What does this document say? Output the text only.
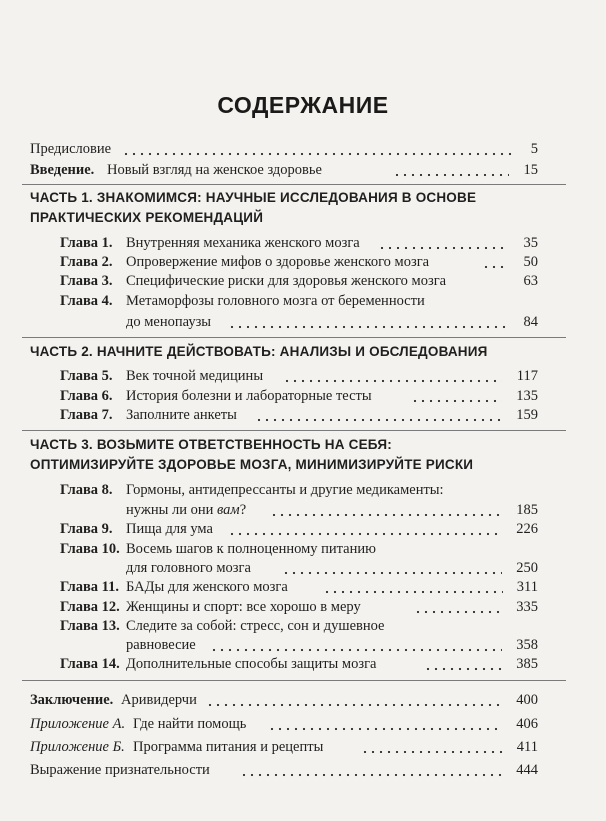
СОДЕРЖАНИЕ
Предисловие	5
Введение. Новый взгляд на женское здоровье	15
ЧАСТЬ 1. ЗНАКОМИМСЯ: НАУЧНЫЕ ИССЛЕДОВАНИЯ В ОСНОВЕ
ПРАКТИЧЕСКИХ РЕКОМЕНДАЦИЙ
Глава 1. Внутренняя механика женского мозга	35
Глава 2. Опровержение мифов о здоровье женского мозга	50
Глава 3. Специфические риски для здоровья женского мозга	63
Глава 4. Метаморфозы головного мозга от беременности
до менопаузы	84
ЧАСТЬ 2. НАЧНИТЕ ДЕЙСТВОВАТЬ: АНАЛИЗЫ И ОБСЛЕДОВАНИЯ
Глава 5. Век точной медицины	117
Глава 6. История болезни и лабораторные тесты	135
Глава 7. Заполните анкеты	159
ЧАСТЬ 3. ВОЗЬМИТЕ ОТВЕТСТВЕННОСТЬ НА СЕБЯ:
ОПТИМИЗИРУЙТЕ ЗДОРОВЬЕ МОЗГА, МИНИМИЗИРУЙТЕ РИСКИ
Глава 8. Гормоны, антидепрессанты и другие медикаменты:
нужны ли они вам?	185
Глава 9. Пища для ума	226
Глава 10. Восемь шагов к полноценному питанию
для головного мозга	250
Глава 11. БАДы для женского мозга	311
Глава 12. Женщины и спорт: все хорошо в меру	335
Глава 13. Следите за собой: стресс, сон и душевное
равновесие	358
Глава 14. Дополнительные способы защиты мозга	385
Заключение. Аривидерчи	400
Приложение А. Где найти помощь	406
Приложение Б. Программа питания и рецепты	411
Выражение признательности	444
